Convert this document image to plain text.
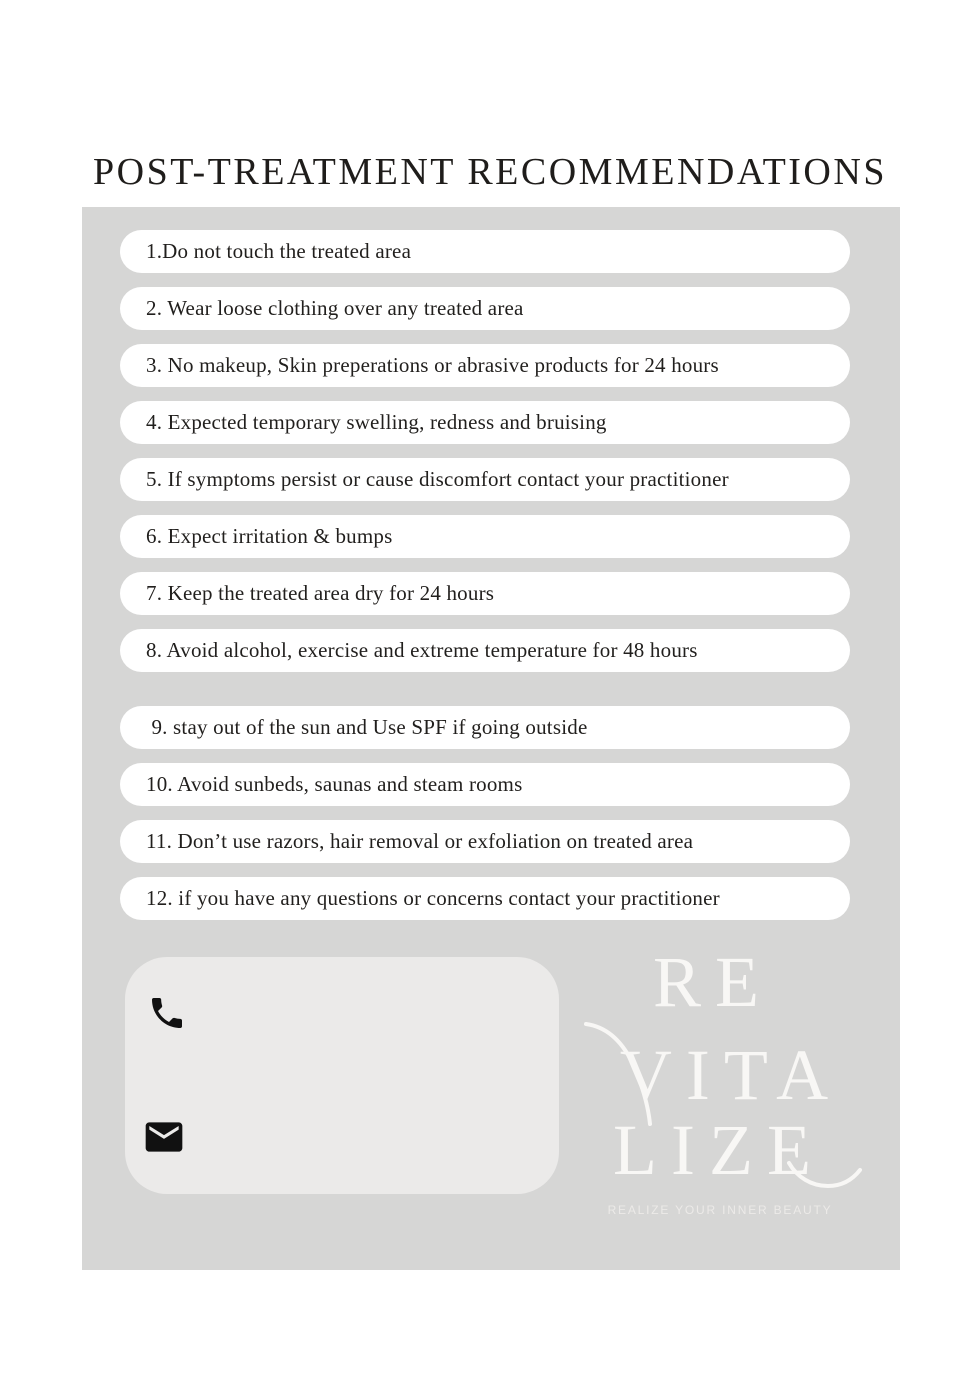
POST-TREATMENT RECOMMENDATIONS
1.Do not touch the treated area
2. Wear loose clothing over any treated area
3. No makeup, Skin preperations or abrasive products for 24 hours
4. Expected temporary swelling, redness and bruising
5. If symptoms persist or cause discomfort contact your practitioner
6. Expect irritation & bumps
7. Keep the treated area dry for 24 hours
8. Avoid alcohol, exercise and extreme temperature for 48 hours
9. stay out of the sun and Use SPF if going outside
10. Avoid sunbeds, saunas and steam rooms
11. Don’t use razors, hair removal or exfoliation on treated area
12. if you have any questions or concerns contact your practitioner
RE
VITA
LIZE
REALIZE YOUR INNER BEAUTY
